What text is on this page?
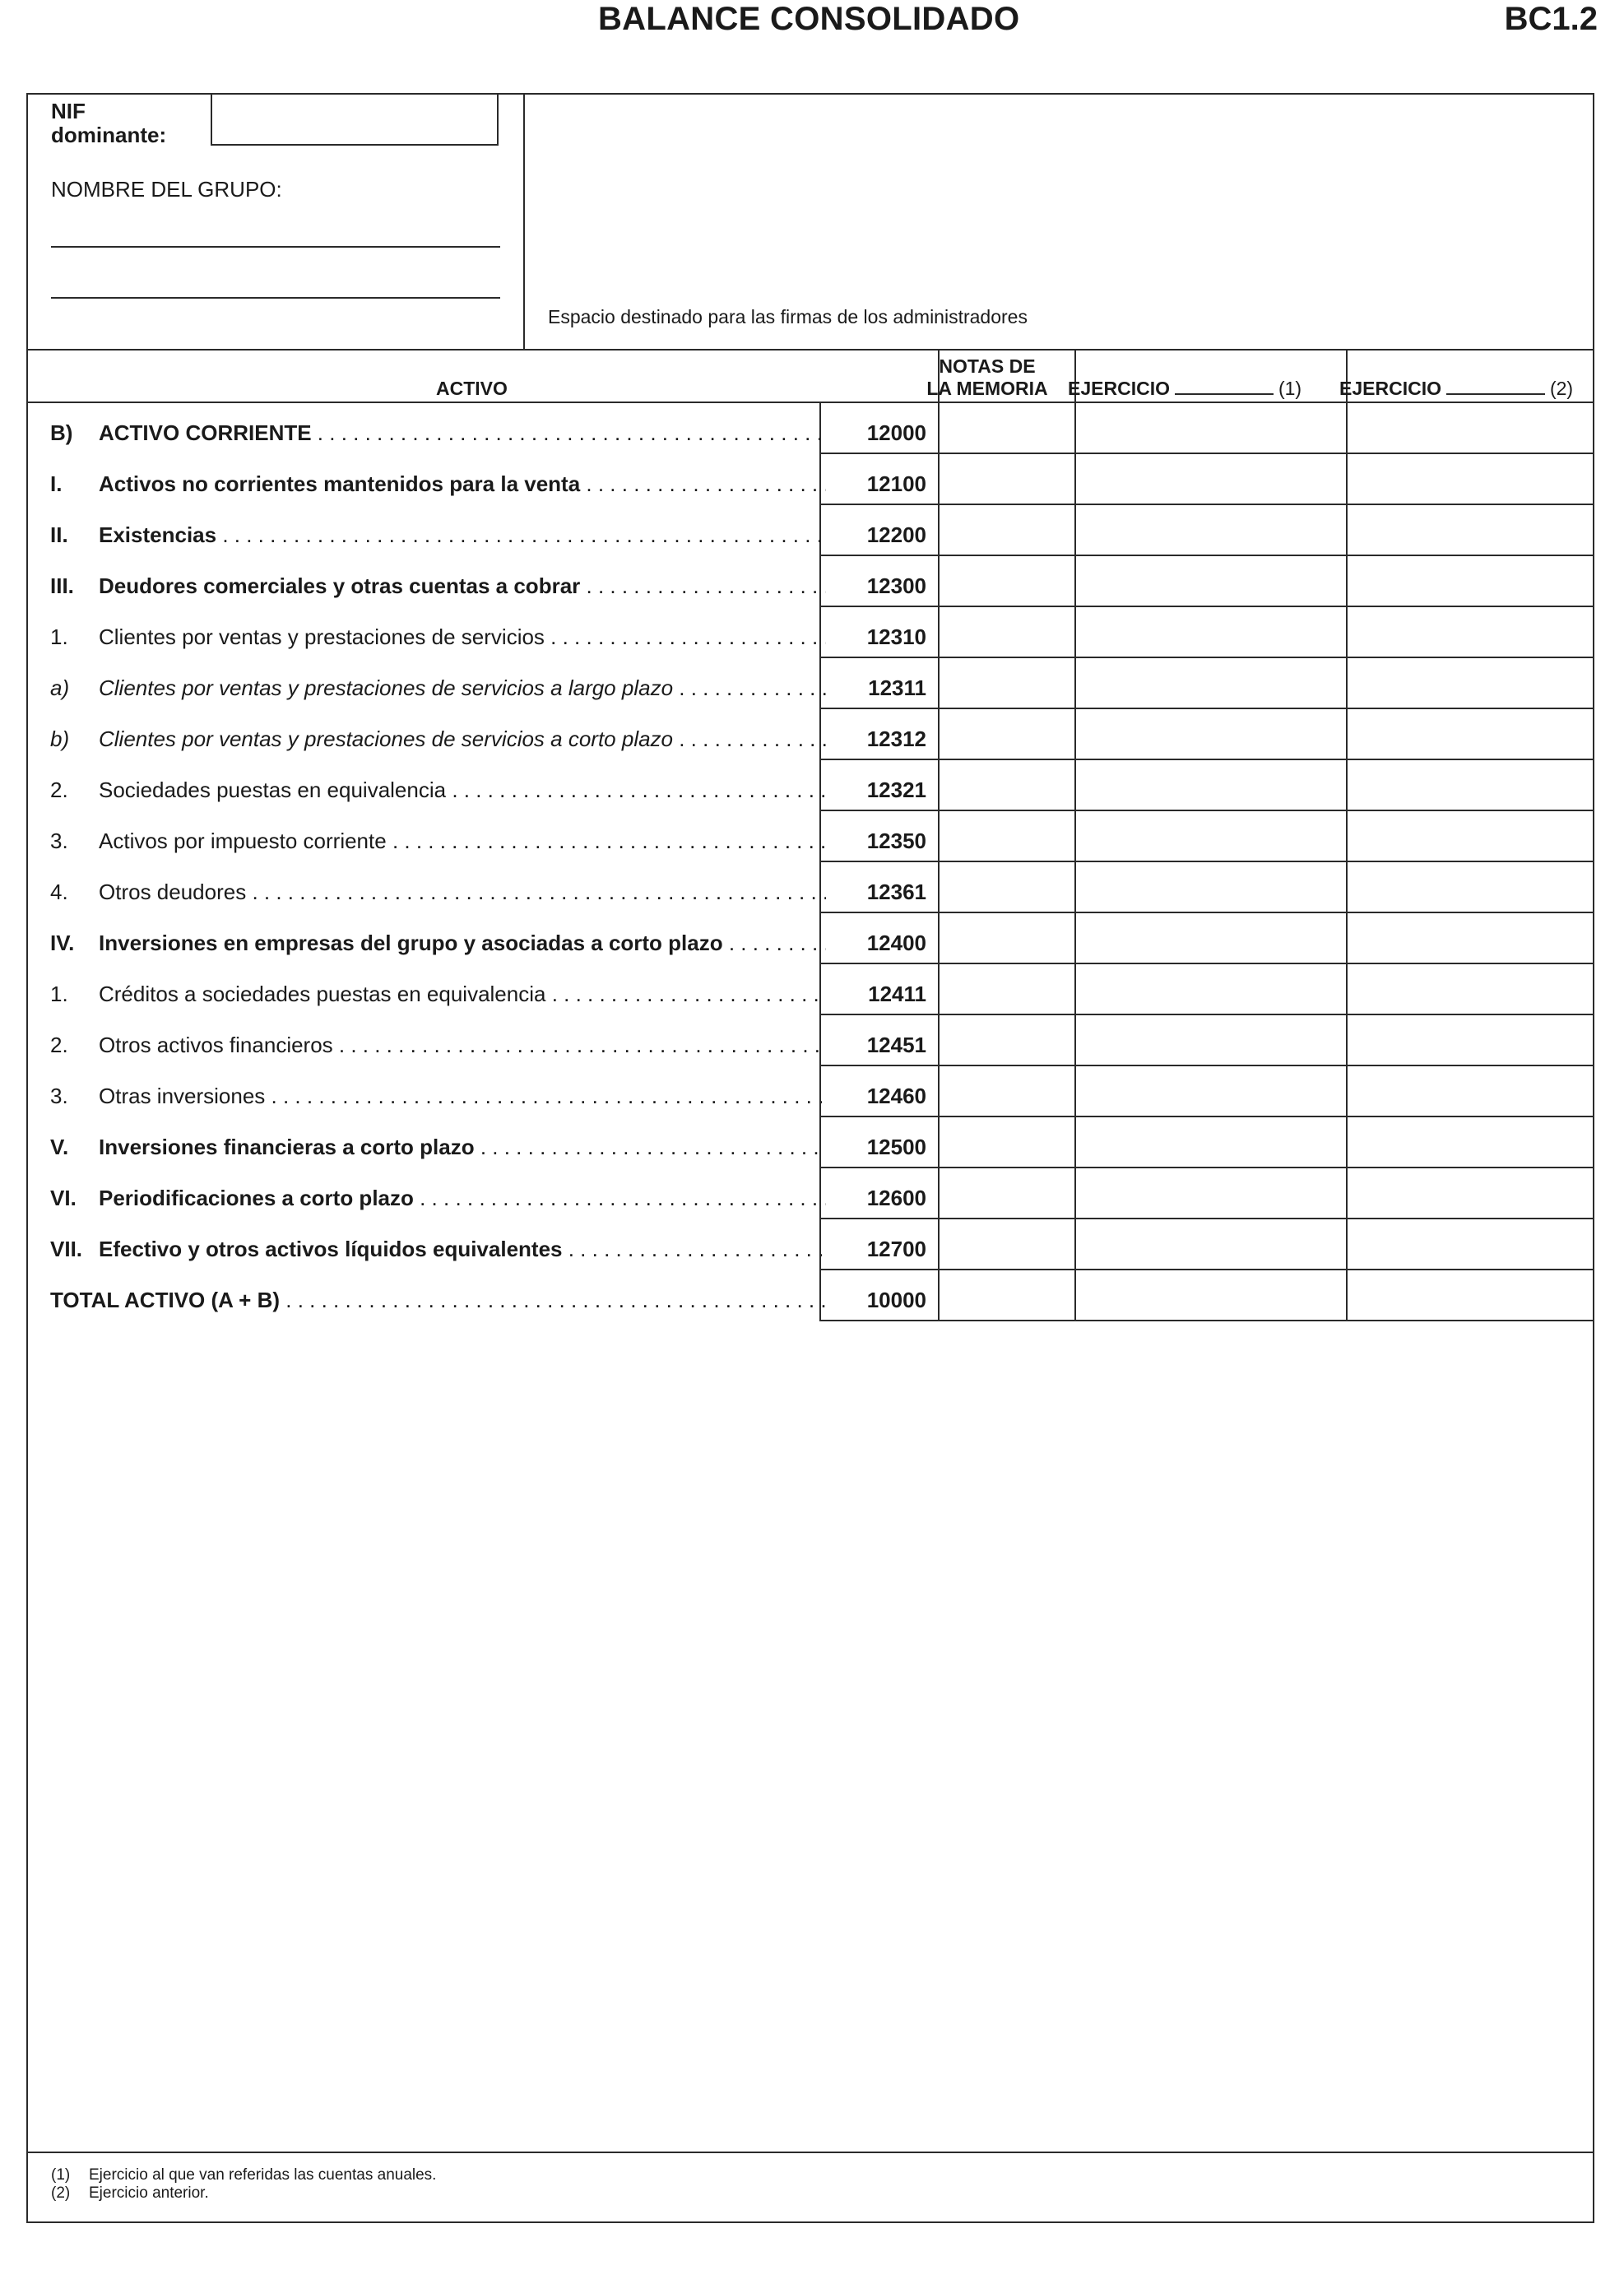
BALANCE CONSOLIDADO	BC1.2
NIF
dominante:
NOMBRE DEL GRUPO:
Espacio destinado para las firmas de los administradores
ACTIVO
NOTAS DE
LA MEMORIA	EJERCICIO	(1)	EJERCICIO	(2)
B)	ACTIVO CORRIENTE . . .	12000
I.	Activos no corrientes mantenidos para la venta . . .	12100
II.	Existencias . . .	12200
III.	Deudores comerciales y otras cuentas a cobrar . . .	12300
1.	Clientes por ventas y prestaciones de servicios . . .	12310
a)	Clientes por ventas y prestaciones de servicios a largo plazo . . .	12311
b)	Clientes por ventas y prestaciones de servicios a corto plazo . . .	12312
2.	Sociedades puestas en equivalencia . . .	12321
3.	Activos por impuesto corriente . . .	12350
4.	Otros deudores . . .	12361
IV.	Inversiones en empresas del grupo y asociadas a corto plazo . . .	12400
1.	Créditos a sociedades puestas en equivalencia . . .	12411
2.	Otros activos financieros . . .	12451
3.	Otras inversiones . . .	12460
V.	Inversiones financieras a corto plazo . . .	12500
VI.	Periodificaciones a corto plazo . . .	12600
VII. Efectivo y otros activos líquidos equivalentes . . .	12700
TOTAL ACTIVO (A + B) . . .	10000
(1) Ejercicio al que van referidas las cuentas anuales.
(2) Ejercicio anterior.
